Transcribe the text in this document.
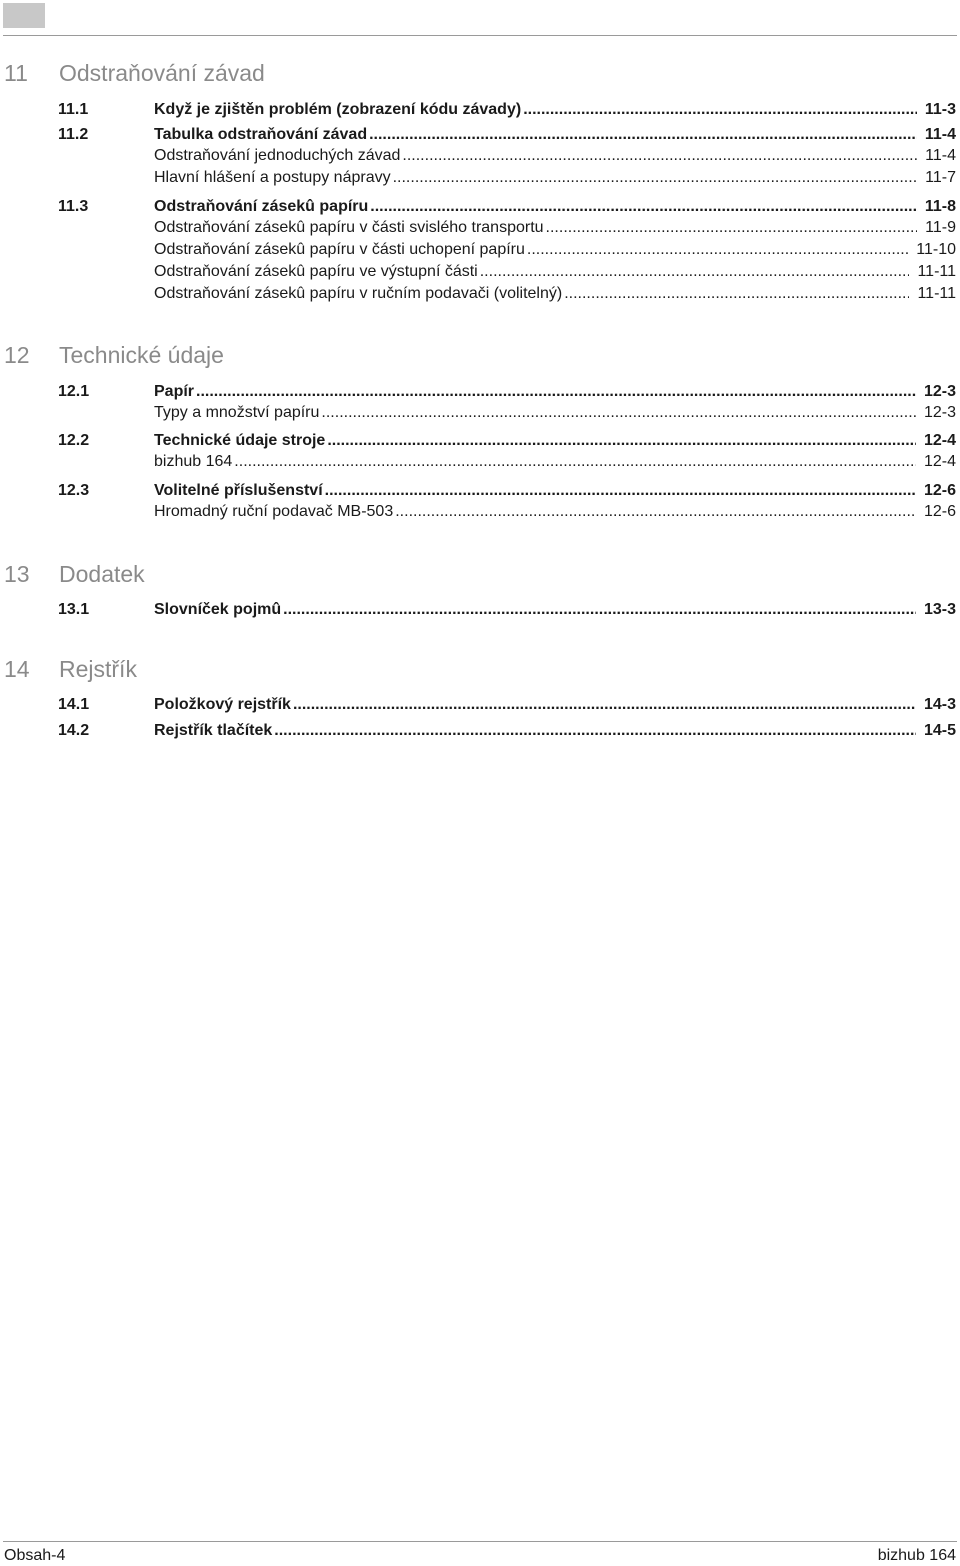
11 Odstraňování závad
11.1	Když je zjištěn problém (zobrazení kódu závady) .....	11-3
11.2	Tabulka odstraňování závad .....	11-4
Odstraňování jednoduchých závad .....	11-4
Hlavní hlášení a postupy nápravy .....	11-7
11.3	Odstraňování zásekû papíru .....	11-8
Odstraňování zásekû papíru v části svislého transportu .....	11-9
Odstraňování zásekû papíru v části uchopení papíru .....	11-10
Odstraňování zásekû papíru ve výstupní části .....	11-11
Odstraňování zásekû papíru v ručním podavači (volitelný) .....	11-11
12 Technické údaje
12.1	Papír .....	12-3
Typy a množství papíru .....	12-3
12.2	Technické údaje stroje .....	12-4
bizhub 164 .....	12-4
12.3	Volitelné příslušenství .....	12-6
Hromadný ruční podavač MB-503 .....	12-6
13 Dodatek
13.1	Slovníček pojmû .....	13-3
14 Rejstřík
14.1	Položkový rejstřík .....	14-3
14.2	Rejstřík tlačítek .....	14-5
Obsah-4	bizhub 164
